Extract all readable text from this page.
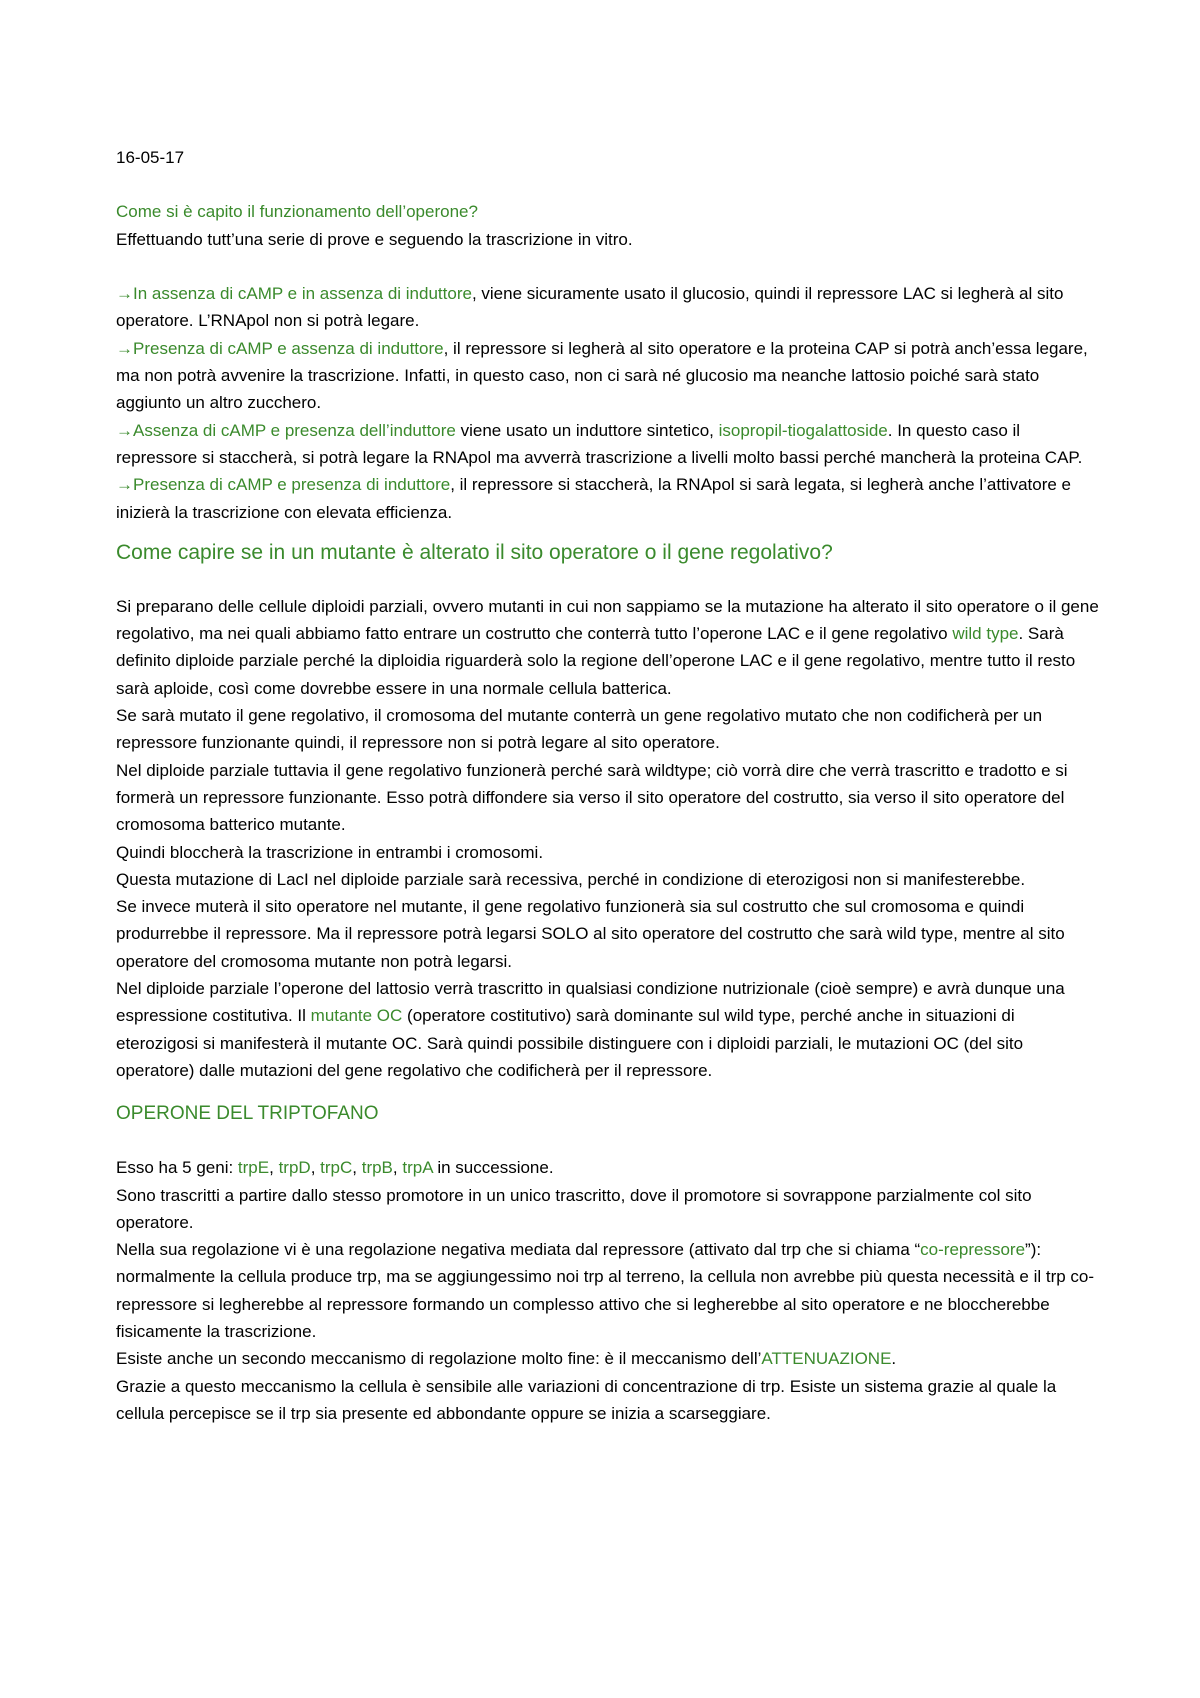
16-05-17

Come si è capito il funzionamento dell’operone?

Effettuando tutt’una serie di prove e seguendo la trascrizione in vitro.

→In assenza di cAMP e in assenza di induttore, viene sicuramente usato il glucosio, quindi il repressore LAC si legherà al sito operatore. L’RNApol non si potrà legare.

→Presenza di cAMP e assenza di induttore, il repressore si legherà al sito operatore e la proteina CAP si potrà anch’essa legare, ma non potrà avvenire la trascrizione. Infatti, in questo caso, non ci sarà né glucosio ma neanche lattosio poiché sarà stato aggiunto un altro zucchero.

→Assenza di cAMP e presenza dell’induttore viene usato un induttore sintetico, isopropil-tiogalattoside. In questo caso il repressore si staccherà, si potrà legare la RNApol ma avverrà trascrizione a livelli molto bassi perché mancherà la proteina CAP.

→Presenza di cAMP e presenza di induttore, il repressore si staccherà, la RNApol si sarà legata, si legherà anche l’attivatore e inizierà la trascrizione con elevata efficienza.

Come capire se in un mutante è alterato il sito operatore o il gene regolativo?

Si preparano delle cellule diploidi parziali, ovvero mutanti in cui non sappiamo se la mutazione ha alterato il sito operatore o il gene regolativo, ma nei quali abbiamo fatto entrare un costrutto che conterrà tutto l’operone LAC e il gene regolativo wild type. Sarà definito diploide parziale perché la diploidia riguarderà solo la regione dell’operone LAC e il gene regolativo, mentre tutto il resto sarà aploide, così come dovrebbe essere in una normale cellula batterica.

Se sarà mutato il gene regolativo, il cromosoma del mutante conterrà un gene regolativo mutato che non codificherà per un repressore funzionante quindi, il repressore non si potrà legare al sito operatore.

Nel diploide parziale tuttavia il gene regolativo funzionerà perché sarà wildtype; ciò vorrà dire che verrà trascritto e tradotto e si formerà un repressore funzionante. Esso potrà diffondere sia verso il sito operatore del costrutto, sia verso il sito operatore del cromosoma batterico mutante.

Quindi bloccherà la trascrizione in entrambi i cromosomi.

Questa mutazione di LacI nel diploide parziale sarà recessiva, perché in condizione di eterozigosi non si manifesterebbe.

Se invece muterà il sito operatore nel mutante, il gene regolativo funzionerà sia sul costrutto che sul cromosoma e quindi produrrebbe il repressore. Ma il repressore potrà legarsi SOLO al sito operatore del costrutto che sarà wild type, mentre al sito operatore del cromosoma mutante non potrà legarsi.

Nel diploide parziale l’operone del lattosio verrà trascritto in qualsiasi condizione nutrizionale (cioè sempre) e avrà dunque una espressione costitutiva. Il mutante OC (operatore costitutivo) sarà dominante sul wild type, perché anche in situazioni di eterozigosi si manifesterà il mutante OC. Sarà quindi possibile distinguere con i diploidi parziali, le mutazioni OC (del sito operatore) dalle mutazioni del gene regolativo che codificherà per il repressore.

OPERONE DEL TRIPTOFANO

Esso ha 5 geni: trpE, trpD, trpC, trpB, trpA in successione.

Sono trascritti a partire dallo stesso promotore in un unico trascritto, dove il promotore si sovrappone parzialmente col sito operatore.

Nella sua regolazione vi è una regolazione negativa mediata dal repressore (attivato dal trp che si chiama “co-repressore”): normalmente la cellula produce trp, ma se aggiungessimo noi trp al terreno, la cellula non avrebbe più questa necessità e il trp co-repressore si legherebbe al repressore formando un complesso attivo che si legherebbe al sito operatore e ne bloccherebbe fisicamente la trascrizione.

Esiste anche un secondo meccanismo di regolazione molto fine: è il meccanismo dell’ATTENUAZIONE.

Grazie a questo meccanismo la cellula è sensibile alle variazioni di concentrazione di trp. Esiste un sistema grazie al quale la cellula percepisce se il trp sia presente ed abbondante oppure se inizia a scarseggiare.
